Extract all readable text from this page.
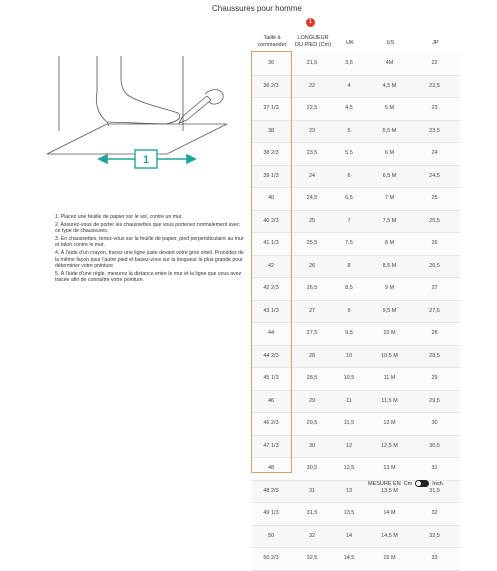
Chaussures pour homme
1
Taille à commander
LONGUEUR DU PIED (Cm)	UK	US	JP
36	21,5	3,5	4M	22
36 2/3	22	4	4,5 M	22,5
37 1/3	22,5	4,5	5 M	23
38	23	5	5,5 M	23,5
38 2/3	23,5	5,5	6 M	24
39 1/3	24	6	6,5 M	24,5
40	24,5	6,5	7 M	25
40 2/3	25	7	7,5 M	25,5
41 1/3	25,5	7,5	8 M	26
42	26	8	8,5 M	26,5
42 2/3	26,5	8,5	9 M	27
43 1/3	27	9	9,5 M	27,5
44	27,5	9,5	10 M	28
44 2/3	28	10	10,5 M	28,5
45 1/3	28,5	10,5	11 M	29
46	29	11	11,5 M	29,5
46 2/3	29,5	11,5	12 M	30
47 1/3	30	12	12,5 M	30,5
48	30,5	12,5	13 M	31
48 2/3	31	13	13,5 M	31,5
49 1/3	31,5	13,5	14 M	32
50	32	14	14,5 M	32,5
50 2/3	32,5	14,5	15 M	33
1

1. Placez une feuille de papier sur le sol, contre un mur.

2. Assurez-vous de porter les chaussettes que vous porteriez normalement avec ce type de chaussures.

3. En chaussettes, tenez-vous sur la feuille de papier, pied perpendiculaire au mur et talon contre le mur.

4. À l'aide d'un crayon, tracez une ligne juste devant votre gros orteil. Procédez de la même façon pour l'autre pied et basez-vous sur la longueur la plus grande pour déterminer votre pointure.

5. À l'aide d'une règle, mesurez la distance entre le mur et la ligne que vous avez tracée afin de connaître votre pointure.

MESURE EN Cm	Inch
